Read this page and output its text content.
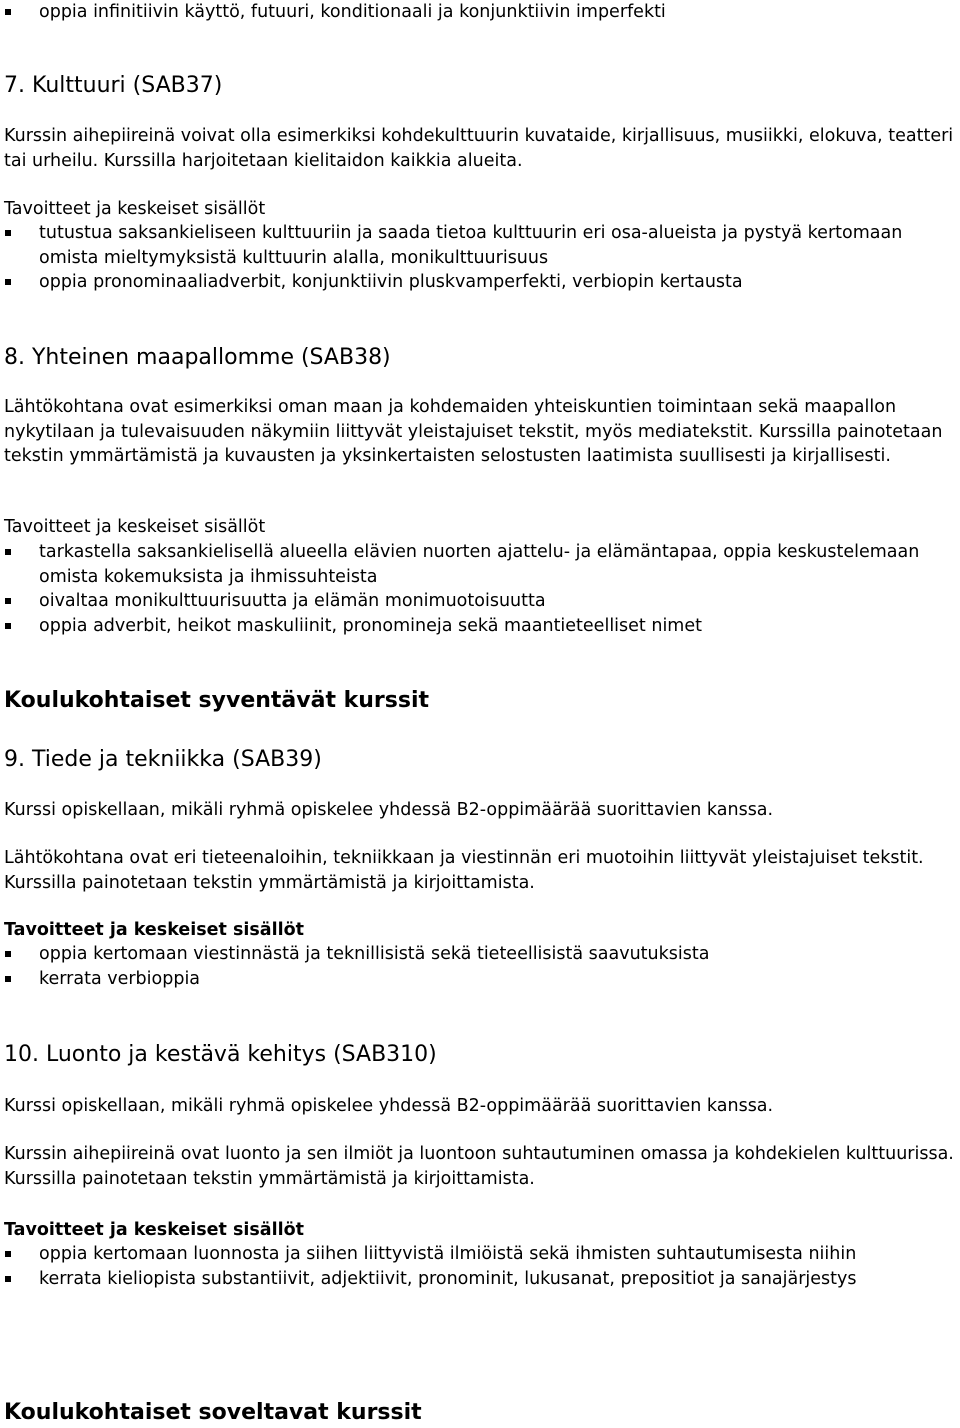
oppia infinitiivin käyttö, futuuri, konditionaali ja konjunktiivin imperfekti
7. Kulttuuri (SAB37)

Kurssin aihepiireinä voivat olla esimerkiksi kohdekulttuurin kuvataide, kirjallisuus, musiikki, elokuva, teatteri tai urheilu. Kurssilla harjoitetaan kielitaidon kaikkia alueita.

Tavoitteet ja keskeiset sisällöt
tutustua saksankieliseen kulttuuriin ja saada tietoa kulttuurin eri osa-alueista ja pystyä kertomaan omista mieltymyksistä kulttuurin alalla, monikulttuurisuus
oppia pronominaaliadverbit, konjunktiivin pluskvamperfekti, verbiopin kertausta
8. Yhteinen maapallomme (SAB38)

Lähtökohtana ovat esimerkiksi oman maan ja kohdemaiden yhteiskuntien toimintaan sekä maapallon nykytilaan ja tulevaisuuden näkymiin liittyvät yleistajuiset tekstit, myös mediatekstit. Kurssilla painotetaan tekstin ymmärtämistä ja kuvausten ja yksinkertaisten selostusten laatimista suullisesti ja kirjallisesti.

Tavoitteet ja keskeiset sisällöt
tarkastella saksankielisellä alueella elävien nuorten ajattelu- ja elämäntapaa, oppia keskustelemaan omista kokemuksista ja ihmissuhteista
oivaltaa monikulttuurisuutta ja elämän monimuotoisuutta
oppia adverbit, heikot maskuliinit, pronomineja sekä maantieteelliset nimet
Koulukohtaiset syventävät kurssit
9. Tiede ja tekniikka (SAB39)

Kurssi opiskellaan, mikäli ryhmä opiskelee yhdessä B2-oppimäärää suorittavien kanssa.

Lähtökohtana ovat eri tieteenaloihin, tekniikkaan ja viestinnän eri muotoihin liittyvät yleistajuiset tekstit. Kurssilla painotetaan tekstin ymmärtämistä ja kirjoittamista.

Tavoitteet ja keskeiset sisällöt
oppia kertomaan viestinnästä ja teknillisistä sekä tieteellisistä saavutuksista
kerrata verbioppia
10. Luonto ja kestävä kehitys (SAB310)

Kurssi opiskellaan, mikäli ryhmä opiskelee yhdessä B2-oppimäärää suorittavien kanssa.

Kurssin aihepiireinä ovat luonto ja sen ilmiöt ja luontoon suhtautuminen omassa ja kohdekielen kulttuurissa. Kurssilla painotetaan tekstin ymmärtämistä ja kirjoittamista.

Tavoitteet ja keskeiset sisällöt
oppia kertomaan luonnosta ja siihen liittyvistä ilmiöistä sekä ihmisten suhtautumisesta niihin
kerrata kieliopista substantiivit, adjektiivit, pronominit, lukusanat, prepositiot ja sanajärjestys
Koulukohtaiset soveltavat kurssit
